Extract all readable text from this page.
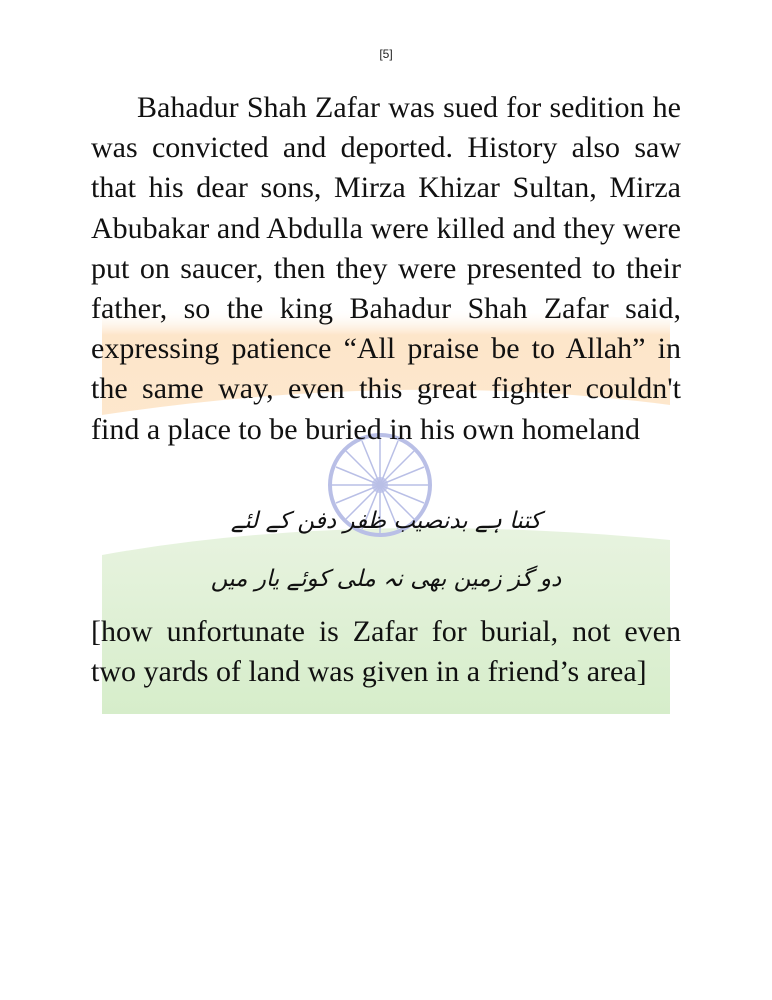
[5]

Bahadur Shah Zafar was sued for sedition he was convicted and deported. History also saw that his dear sons, Mirza Khizar Sultan, Mirza Abubakar and Abdulla were killed and they were put on saucer, then they were presented to their father, so the king Bahadur Shah Zafar said, expressing patience “All praise be to Allah” in the same way, even this great fighter couldn't find a place to be buried in his own homeland

کتنا ہے بدنصیب ظفر دفن کے لئے

دو گز زمین بھی نہ ملی کوئے یار میں

[how unfortunate is Zafar for burial, not even two yards of land was given in a friend’s area]
